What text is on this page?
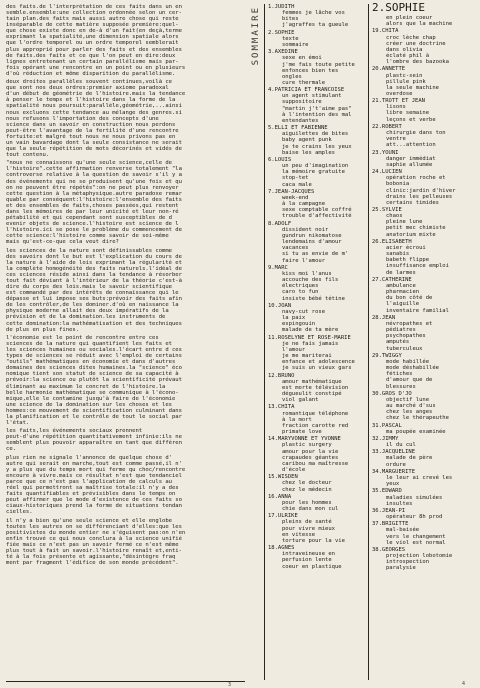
des faits.de l'interprétation de ces faits dans un en
semble.ensemble:une collection ordonnée selon un cer-
tain plan.des faits mais aussi autre chose qui reste
inséparable de cette matière supposée première:quel-
que chose existe donc en de-à d'un fait(en deçà,terme
exprimant la spatialité,une dimension spatiale alors
que l'ordre temporel ou un ordre temporel semblerait
plus approprié pour parler des faits et des ensembles
de faits.des faits et ce que l'on peut en dire:deux
lignes entretenant un certain parallélisme mais par-
fois opérant une rencontre en un point ou en plusieurs
d'où réduction et même disparition du parallélisme.

deux droites parallèles souvent continues,voilà ce
que sont nos deux ordres:premier axiome paradoxal
d'un début de géométrie de l'histoire.mais la tendance
à penser le temps et l'histoire dans la forme de la
spatialité nous poursuit:parallèle,géométrie,...ainsi
nous excluons cette tendance au mélange des genres.si
nous refusons l'importation des concepts d'une
science dans un savoir en construction nous perdons
peut-être l'avantage de la fertilité d'une rencontre
fortuite:et malgré tout nous ne nous privons pas en
un vain bavardage dont la seule consistance ne serait
que la seule répétition de mots décorinés et vidés de
tout contenu.

"nous ne connaissons qu'une seule science,celle de
l'histoire".cette affirmation renverse totalement "la
controverse relative à la question de savoir s'il y a
des événements qui ne se produisent qu'une fois et qu
on ne peuvent être répétés":on ne peut plus renvoyer
cette question à la métaphysique.autre paradoxe remar
quable par conséquent:l'histoire:l'ensemble des faits
et des ensembles de faits,choses passées,qui restent
dans les mémoires de par leur unicité et leur non-ré
pétabilité et qui cependant sont susceptibles de d
evenir objets de science.l'histoire est science de l
l'histoire.ici se pose le problème du commencement de
cette science:l'histoire comme savoir de soi-même
mais qu'est-ce-que cela veut dire?

les sciences de la nature sont définissables comme
des savoirs dont le but est l'explication du cours de
la nature à l'aide de lois exprimant la régularité et
la complète homogénéité des faits naturels.l'idéal de
ces sciences réside ainsi dans la tendance à résorber
tout fait déviant à l'intérieur de la théorie c'est-à
dire du corps des lois.mais le savoir scientifique
est commandé par des intérêts de connaissance qui le
dépasse et lui impose ses buts:prévoir des faits afin
de les contrôler,de les dominer.d'où en naissance la
physique moderne allait des deux impératifs de la
prévision et de la domination.les instruments de
cette domination:la mathématisation et des techniques
de plus en plus fines.

l'économie est le point de rencontre entre ces
sciences de la nature qui quantifient les faits et
les sciences humaines ou sociales.l'écart entre d ces
types de sciences se réduit avec l'emploi de certains
"outils" mathématiques en économie et dans d'autres
domaines des sciences dites humaines.la "science" éco
nomique tient son statut de science de sa capacité à
prévoir:la science ou plutôt la scientificité prévaut
éliminant au maximum le concret de l'histoire.la
belle harmonie mathématique se communique à l'écono-
mique,elle le contamine jusqu'à faire de l'économie
une science de la domination sur les choses et les
hommes:ce mouvement de scientification culminant dans
la planification et le contrôle de tout le social par
l'état.

les faits,les événements sociaux prennent
peut-d'une répétition quantitativement infinie:ils ne
semblent plus pouvoir apparaître en tant que différen
ce.

plus rien ne signale l'annonce de quelque chose d'
autre qui serait en marche,tout est comme passé,il n'
y a plus que du temps mort qui ferme qu choc/rencontre
encoure à vivre.mais ce résultat n'est que tendanciel
parce que ce n'est pas l'application de calculs au
réel qui permettront sa maîtrise totale:il n'y a des
faits quantifiables et prévisibles dans le temps on
peut affirmer que le mode d'existence de ces faits so
ciaux-historiques prend la forme de situations tendan
cielles.

il n'y a bien qu'une seule science et elle englobe
toutes les autres on se différenciant d'elles:que les
positivistes du monde entier ne s'éguisent pas:on n'en
enfin trouvé ce qui nous conclura à la science unifié
fiée mais ce n'est pas un savoir fermé ce n'est même
plus tout à fait un savoir.l'histoire renaît et,enti-
té à la fois présente et agissante,"désintègre fraq
ment par fragment l'édifice de son monde précédent".

3
SOMMAIRE 1.JUDITH
femmes je lâche vos
bites
j'agraffes ta gueule
2.SOPHIE
texte
sommaire
3.AXEDINE
sexe en émoi
j'me fais toute petite
enfonces bien tes
ongles
cure thermale
4.PATRICIA ET FRANCOISE
un agent stimulant
suppositoire
"martin j't'aime pas"
à l'intention des mal
entendantes
5.ELLI ET FABIENNE
aiguilettes de bites
baby agent punk
je te crains les yeux
baise les amples
6.LOUIS
un peu d'imagination
la mémoire gratuite
stop-tet
caca male
7.JEAN-JACQUES
week-end
à la campagne
sexe comptable coffré
trouble d'affectivité
8.ADOLF
dissident noir
gundrun nikomatose
lendemains d'amour
vacances
si tu as envie de m'
faire l'amour
9.MARC
kiss moi l'anus
accouche des fils
électriques
caro to fun
insiste bébé tétine
10.JOAN
navy-cut rose
la paix
espingouin
malade de ta mère
11.ROSELYNE ET ROSE-MARIE
je ne fais jamais
l'amour
je me mariterai
enfance et adolescence
je suis un vieux gars
12.BRUNO
amour mathématique
est morte télévision
dégueulit constipé
viol galant
13.CHITA
romantique téléphone
à la mort
fraction carotte red
primate love
14.MARYVONNE ET YVONNE
plastic surgery
amour pour la vie
crapaudes géantes
caribou ma maîtresse
d'école
15.WISDEN
chez le docteur
chez le médecin
16.ANNA
pour les hommes
chie dans mon cul
17.ULRIKE
pleins de santé
pour vivre mieux
en vitesse
torture pour la vie
18.AGNES
intraveineuse en
perfusion lente
coeur en plastique
2.SOPHIE
en plein coeur
alors que la machine
19.CHITA
croc lèche chap
créer une doctrine
dans olivia
éclaté phil à
l'ombre des bazooka
20.ANNETTE
plastc-sein
pillule pink
la seule machine
overdose
21.TROTT ET JEAN
lisons
libre semaine
leçons et verbe
22.ROBERT
chirurgie dans ton
ventre
att...attention
23.YOUNI
danger immédiat
saphie allumée
24.LUCIEN
opération roche et
bobonia
clinic:jardin d'hiver
drains les pelleuses
certains timides
25.SYLVIE
chaos
pleine lune
petit mec chimiste
anatorium mixte
26.ELISABETH
acier écroui
sanabis
babeth flippe
insuffisance emploi
de larmes
27.CATHERINE
ambulance
pharmacien
du bon côté de
l'aiguille
inventaire familial
28.JEAN
névropathes et
pédiatres
psychopathes
amputés
tuberculeux
29.TWIGGY
mode habillée
mode déshabillée
fétiches
d'amour que de
blessures
30.GROS D'JO
objectif lune
au marché d'sus
chez les anges
chez le thérapeuthe
31.PASCAL
ma poupée examinée
32.JIMMY
il du cul
33.JACQUELINE
malade de père
ordure
34.MARGUERITE
le leur ai crevé les
yeux
35.EDWARD
maladies simulées
insultes
36.JEAN-PI
opérateur 8h prod
37.BRIGITTE
mal-baisée
vers le changement
le viol est normal
38.GEORGES
projection lobotomie
introspection
paralysie
4
